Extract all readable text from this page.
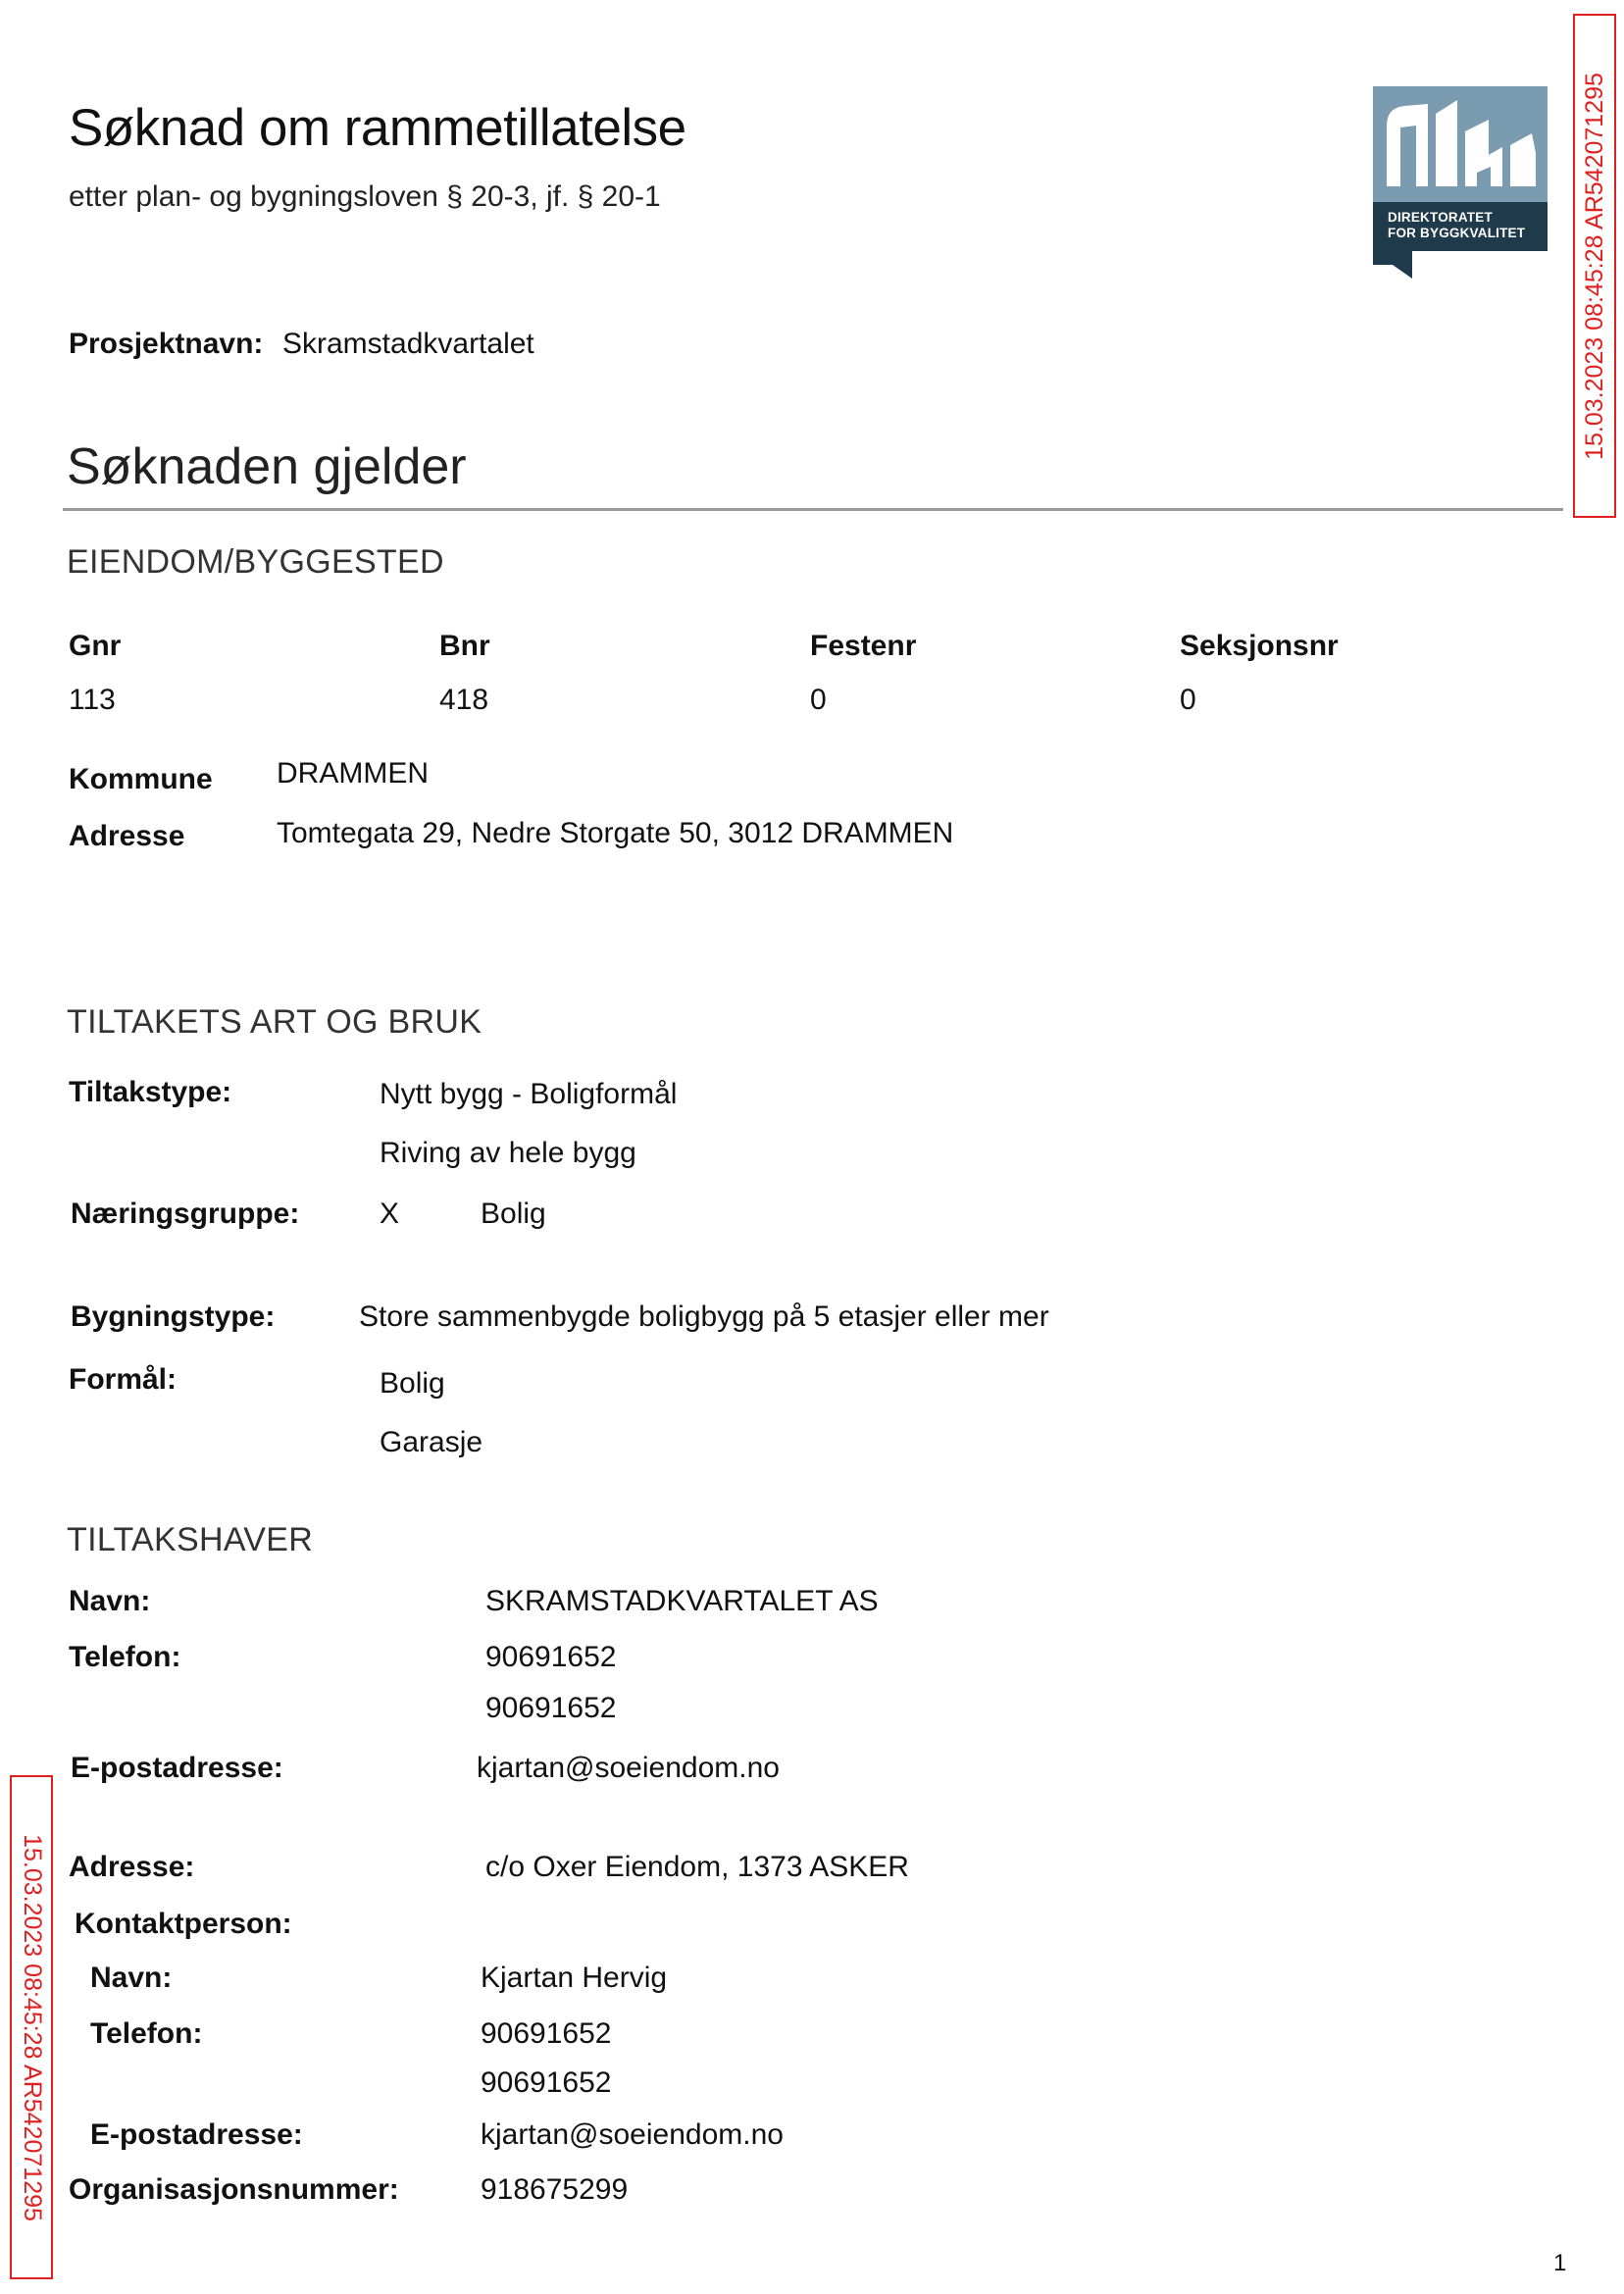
Søknad om rammetillatelse
etter plan- og bygningsloven § 20-3, jf. § 20-1
DIREKTORATET
FOR BYGGKVALITET 15.03.2023 08:45:28 AR542071295
15.03.2023 08:45:28 AR542071295
Prosjektnavn: Skramstadkvartalet
Søknaden gjelder
EIENDOM/BYGGESTED
Gnr	Bnr	Festenr	Seksjonsnr
113	418	0	0
Kommune DRAMMEN
Adresse	Tomtegata 29, Nedre Storgate 50, 3012 DRAMMEN
TILTAKETS ART OG BRUK
Tiltakstype:	Nytt bygg - Boligformål
Riving av hele bygg
Næringsgruppe:	X	Bolig
Bygningstype:	Store sammenbygde boligbygg på 5 etasjer eller mer
Formål:	Bolig
Garasje
TILTAKSHAVER
Navn:	SKRAMSTADKVARTALET AS
Telefon:	90691652
90691652
E-postadresse:	kjartan@soeiendom.no
Adresse:	c/o Oxer Eiendom, 1373 ASKER
Kontaktperson:
Navn:	Kjartan Hervig
Telefon:	90691652
90691652
E-postadresse:	kjartan@soeiendom.no
Organisasjonsnummer:	918675299
1
